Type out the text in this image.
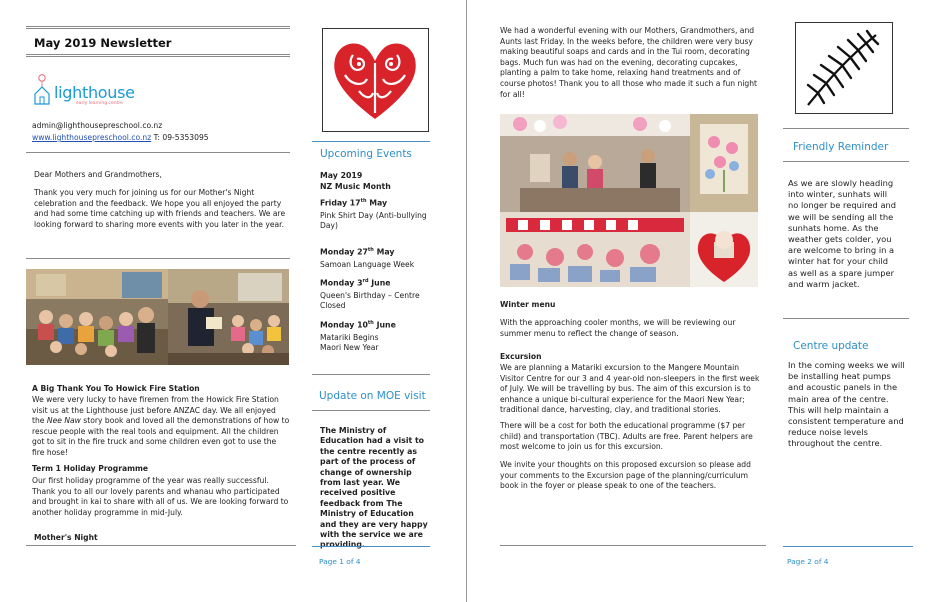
May 2019 Newsletter
lighthouse
early learning centre
admin@lighthousepreschool.co.nz
www.lighthousepreschool.co.nz T: 09-5353095
Dear Mothers and Grandmothers,
Thank you very much for joining us for our Mother's Night celebration and the feedback. We hope you all enjoyed the party and had some time catching up with friends and teachers. We are looking forward to sharing more events with you later in the year.
A Big Thank You To Howick Fire Station
We were very lucky to have firemen from the Howick Fire Station visit us at the Lighthouse just before ANZAC day. We all enjoyed the Nee Naw story book and loved all the demonstrations of how to rescue people with the real tools and equipment. All the children got to sit in the fire truck and some children even got to use the fire hose!
Term 1 Holiday Programme
Our first holiday programme of the year was really successful. Thank you to all our lovely parents and whanau who participated and brought in kai to share with all of us. We are looking forward to another holiday programme in mid-July.
Mother's Night
Upcoming Events
May 2019
NZ Music Month
Friday 17th May
Pink Shirt Day (Anti-bullying Day)
Monday 27th May
Samoan Language Week
Monday 3rd June
Queen's Birthday – Centre Closed
Monday 10th June
Matariki Begins Maori New Year
Update on MOE visit
The Ministry of Education had a visit to the centre recently as part of the process of change of ownership from last year. We received positive feedback from The Ministry of Education and they are very happy with the service we are providing.
Page 1 of 4
We had a wonderful evening with our Mothers, Grandmothers, and Aunts last Friday. In the weeks before, the children were very busy making beautiful soaps and cards and in the Tui room, decorating bags. Much fun was had on the evening, decorating cupcakes, planting a palm to take home, relaxing hand treatments and of course photos! Thank you to all those who made it such a fun night for all!
Winter menu
With the approaching cooler months, we will be reviewing our summer menu to reflect the change of season.
Excursion
We are planning a Matariki excursion to the Mangere Mountain Visitor Centre for our 3 and 4 year-old non-sleepers in the first week of July. We will be travelling by bus. The aim of this excursion is to enhance a unique bi-cultural experience for the Maori New Year; traditional dance, harvesting, clay, and traditional stories.
There will be a cost for both the educational programme ($7 per child) and transportation (TBC). Adults are free. Parent helpers are most welcome to join us for this excursion.
We invite your thoughts on this proposed excursion so please add your comments to the Excursion page of the planning/curriculum book in the foyer or please speak to one of the teachers.
Friendly Reminder
As we are slowly heading into winter, sunhats will no longer be required and we will be sending all the sunhats home. As the weather gets colder, you are welcome to bring in a winter hat for your child as well as a spare jumper and warm jacket.
Centre update
In the coming weeks we will be installing heat pumps and acoustic panels in the main area of the centre. This will help maintain a consistent temperature and reduce noise levels throughout the centre.
Page 2 of 4
